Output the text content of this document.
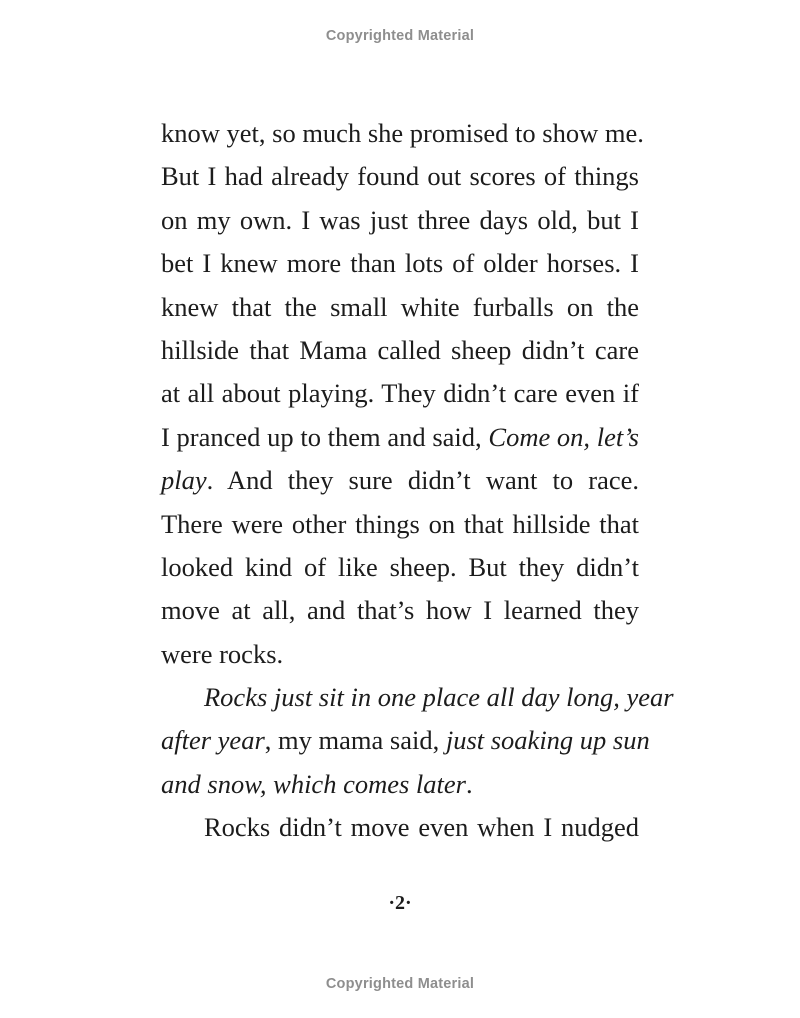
Copyrighted Material
know yet, so much she promised to show me.
But I had already found out scores of things
on my own. I was just three days old, but I
bet I knew more than lots of older horses. I
knew that the small white furballs on the
hillside that Mama called sheep didn’t care
at all about playing. They didn’t care even if
I pranced up to them and said, Come on, let’s
play. And they sure didn’t want to race.
There were other things on that hillside that
looked kind of like sheep. But they didn’t
move at all, and that’s how I learned they
were rocks.
Rocks just sit in one place all day long, year
after year, my mama said, just soaking up sun
and snow, which comes later.
Rocks didn’t move even when I nudged
·2·
Copyrighted Material
